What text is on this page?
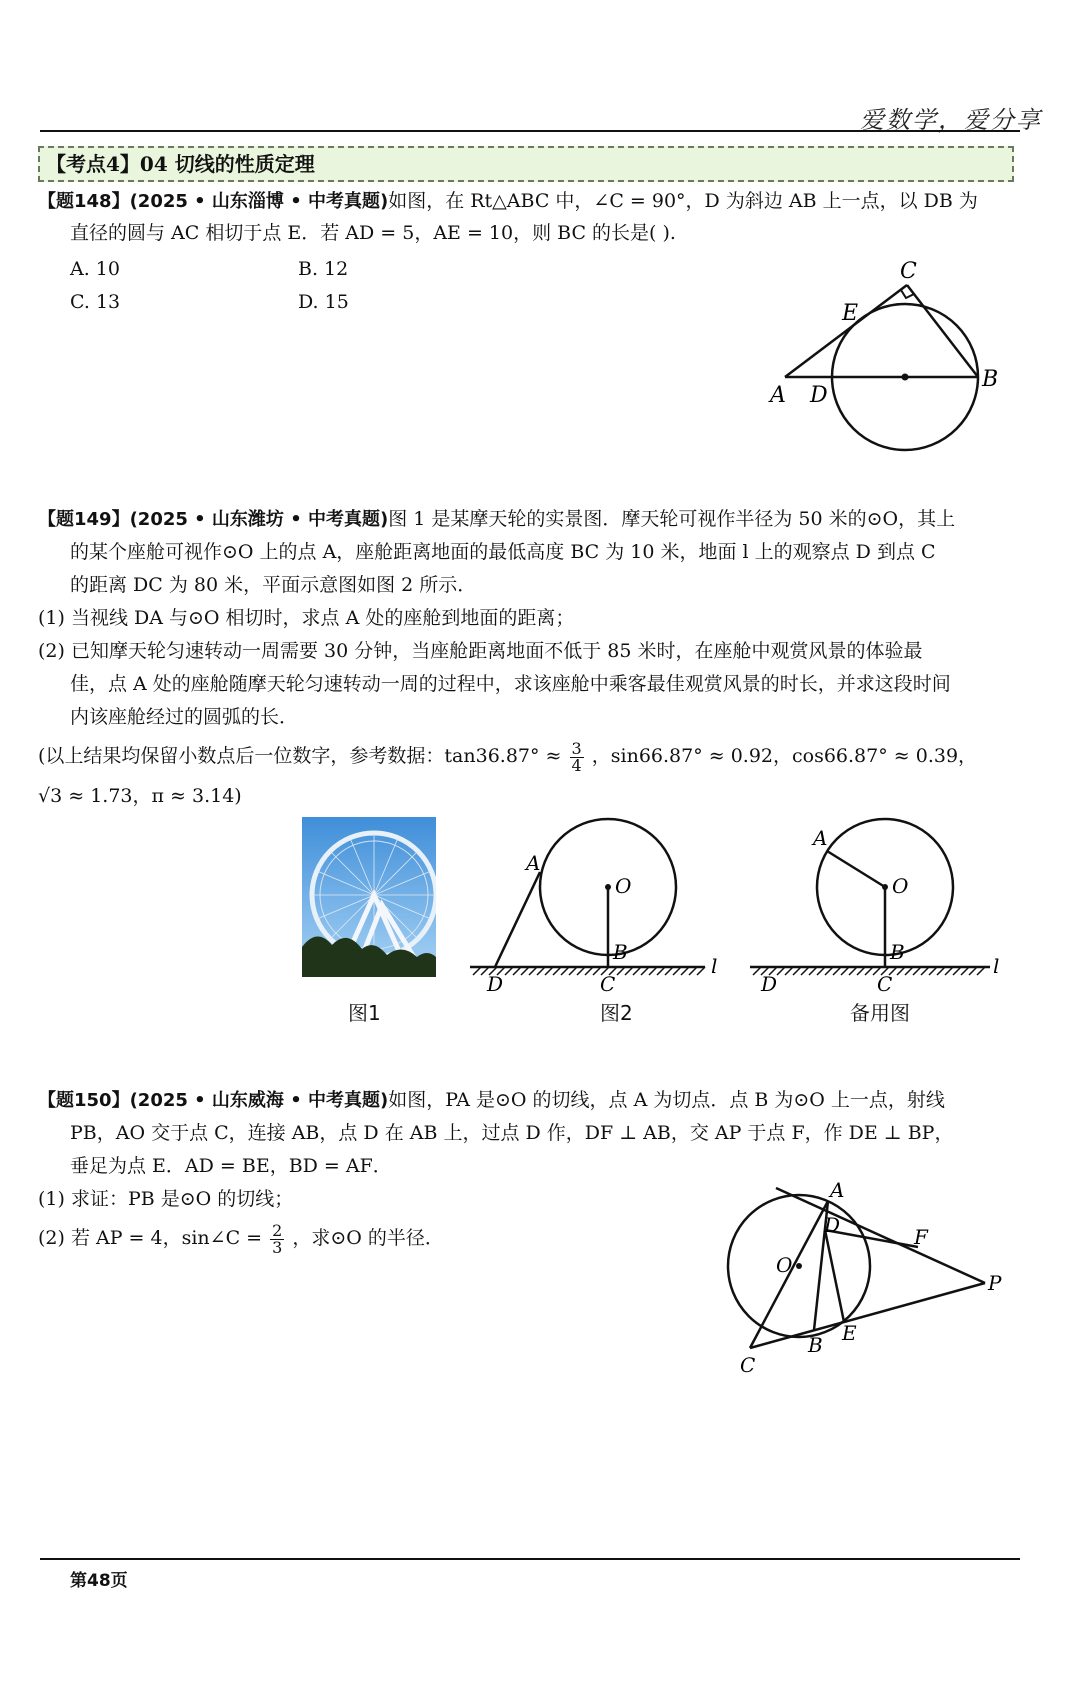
爱数学，爱分享
【考点4】04 切线的性质定理
【题148】(2025 • 山东淄博 • 中考真题)如图，在 Rt△ABC 中，∠C = 90°，D 为斜边 AB 上一点，以 DB 为
直径的圆与 AC 相切于点 E．若 AD = 5，AE = 10，则 BC 的长是( ).
A. 10	B. 12
C. 13	D. 15
C
E
A D
B
【题149】(2025 • 山东潍坊 • 中考真题)图 1 是某摩天轮的实景图．摩天轮可视作半径为 50 米的⊙O，其上
的某个座舱可视作⊙O 上的点 A，座舱距离地面的最低高度 BC 为 10 米，地面 l 上的观察点 D 到点 C
的距离 DC 为 80 米，平面示意图如图 2 所示．
(1) 当视线 DA 与⊙O 相切时，求点 A 处的座舱到地面的距离；
(2) 已知摩天轮匀速转动一周需要 30 分钟，当座舱距离地面不低于 85 米时，在座舱中观赏风景的体验最
佳，点 A 处的座舱随摩天轮匀速转动一周的过程中，求该座舱中乘客最佳观赏风景的时长，并求这段时间
内该座舱经过的圆弧的长．
(以上结果均保留小数点后一位数字，参考数据：$\tan 36.87^\circ \approx \frac{3}{4}$ ，sin66.87° ≈ 0.92，cos66.87° ≈ 0.39，
√3 ≈ 1.73，π ≈ 3.14)
A
O
B
D	C
l
图1	图2
A
O
B
D	C
l
备用图
【题150】(2025 • 山东威海 • 中考真题)如图，PA 是⊙O 的切线，点 A 为切点．点 B 为⊙O 上一点，射线
PB，AO 交于点 C，连接 AB，点 D 在 AB 上，过点 D 作，DF ⊥ AB，交 AP 于点 F，作 DE ⊥ BP，
垂足为点 E．AD = BE，BD = AF．
(1) 求证：PB 是⊙O 的切线；
(2) 若 AP = 4，sin∠C = $\frac{2}{3}$ ，求⊙O 的半径．
A
D	F
O
P
B E
C
第48页
